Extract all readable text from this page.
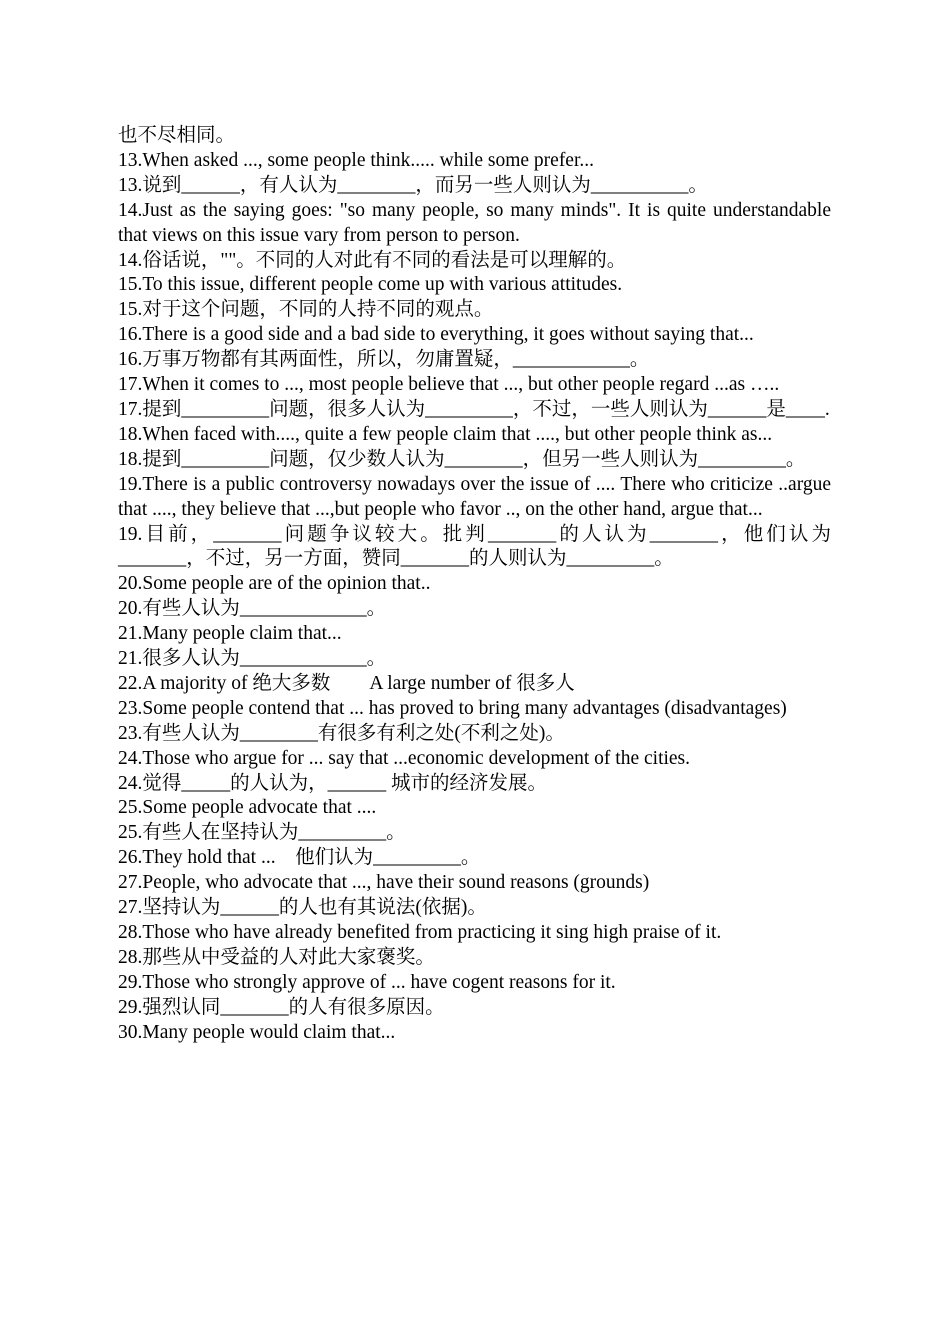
也不尽相同。
13.When asked ..., some people think..... while some prefer...
13.说到______，有人认为________，而另一些人则认为__________。
14.Just as the saying goes: "so many people, so many minds". It is quite understandable that views on this issue vary from person to person.
14.俗话说，""。不同的人对此有不同的看法是可以理解的。
15.To this issue, different people come up with various attitudes.
15.对于这个问题，不同的人持不同的观点。
16.There is a good side and a bad side to everything, it goes without saying that...
16.万事万物都有其两面性，所以，勿庸置疑，____________。
17.When it comes to ..., most people believe that ..., but other people regard ...as …..
17.提到_________问题，很多人认为_________，不过，一些人则认为______是____.
18.When faced with...., quite a few people claim that ...., but other people think as...
18.提到_________问题，仅少数人认为________，但另一些人则认为_________。
19.There is a public controversy nowadays over the issue of .... There who criticize ..argue that ...., they believe that ...,but people who favor .., on the other hand, argue that...
19.目前，_______问题争议较大。批判_______的人认为_______，他们认为_______，不过，另一方面，赞同_______的人则认为_________。
20.Some people are of the opinion that..
20.有些人认为_____________。
21.Many people claim that...
21.很多人认为_____________。
22.A majority of 绝大多数　　A large number of 很多人
23.Some people contend that ... has proved to bring many advantages (disadvantages)
23.有些人认为________有很多有利之处(不利之处)。
24.Those who argue for ... say that ...economic development of the cities.
24.觉得_____的人认为，______ 城市的经济发展。
25.Some people advocate that ....
25.有些人在坚持认为_________。
26.They hold that ...　他们认为_________。
27.People, who advocate that ..., have their sound reasons (grounds)
27.坚持认为______的人也有其说法(依据)。
28.Those who have already benefited from practicing it sing high praise of it.
28.那些从中受益的人对此大家褒奖。
29.Those who strongly approve of ... have cogent reasons for it.
29.强烈认同_______的人有很多原因。
30.Many people would claim that...
